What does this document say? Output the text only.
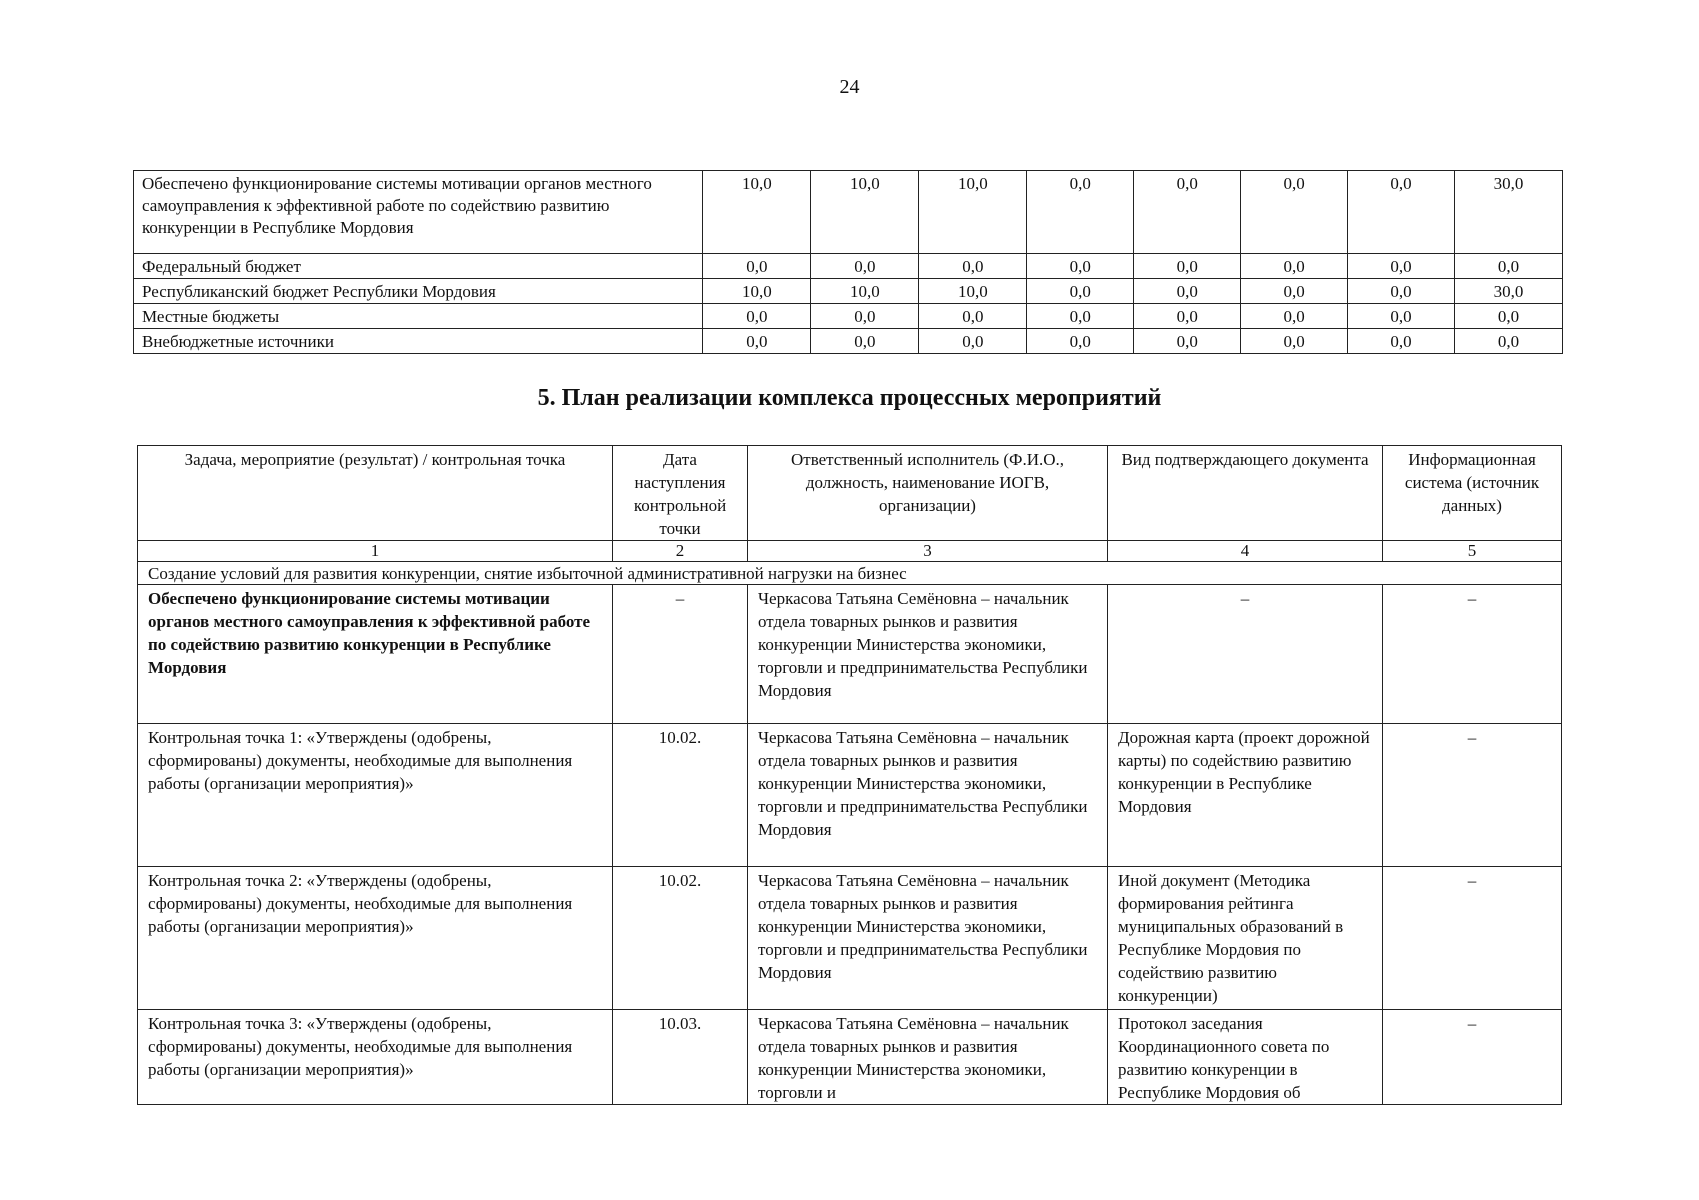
24
Обеспечено функционирование системы мотивации органов местного самоуправления к эффективной работе по содействию развитию конкуренции в Республике Мордовия	10,0	10,0	10,0	0,0	0,0	0,0	0,0	30,0
Федеральный бюджет	0,0	0,0	0,0	0,0	0,0	0,0	0,0	0,0
Республиканский бюджет Республики Мордовия	10,0	10,0	10,0	0,0	0,0	0,0	0,0	30,0
Местные бюджеты	0,0	0,0	0,0	0,0	0,0	0,0	0,0	0,0
Внебюджетные источники	0,0	0,0	0,0	0,0	0,0	0,0	0,0	0,0
5. План реализации комплекса процессных мероприятий
Задача, мероприятие (результат) / контрольная точка	Дата наступления контрольной точки	Ответственный исполнитель (Ф.И.О., должность, наименование ИОГВ, организации)	Вид подтверждающего документа	Информационная система (источник данных)
1	2	3	4	5
Создание условий для развития конкуренции, снятие избыточной административной нагрузки на бизнес				
Обеспечено функционирование системы мотивации органов местного самоуправления к эффективной работе по содействию развитию конкуренции в Республике Мордовия	–	Черкасова Татьяна Семёновна – начальник отдела товарных рынков и развития конкуренции Министерства экономики, торговли и предпринимательства Республики Мордовия	–	–
Контрольная точка 1: «Утверждены (одобрены, сформированы) документы, необходимые для выполнения работы (организации мероприятия)»	10.02.	Черкасова Татьяна Семёновна – начальник отдела товарных рынков и развития конкуренции Министерства экономики, торговли и предпринимательства Республики Мордовия	Дорожная карта (проект дорожной карты) по содействию развитию конкуренции в Республике Мордовия	–
Контрольная точка 2: «Утверждены (одобрены, сформированы) документы, необходимые для выполнения работы (организации мероприятия)»	10.02.	Черкасова Татьяна Семёновна – начальник отдела товарных рынков и развития конкуренции Министерства экономики, торговли и предпринимательства Республики Мордовия	Иной документ (Методика формирования рейтинга муниципальных образований в Республике Мордовия по содействию развитию конкуренции)	–
Контрольная точка 3: «Утверждены (одобрены, сформированы) документы, необходимые для выполнения работы (организации мероприятия)»	10.03.	Черкасова Татьяна Семёновна – начальник отдела товарных рынков и развития конкуренции Министерства экономики, торговли и	Протокол заседания Координационного совета по развитию конкуренции в Республике Мордовия об	–
